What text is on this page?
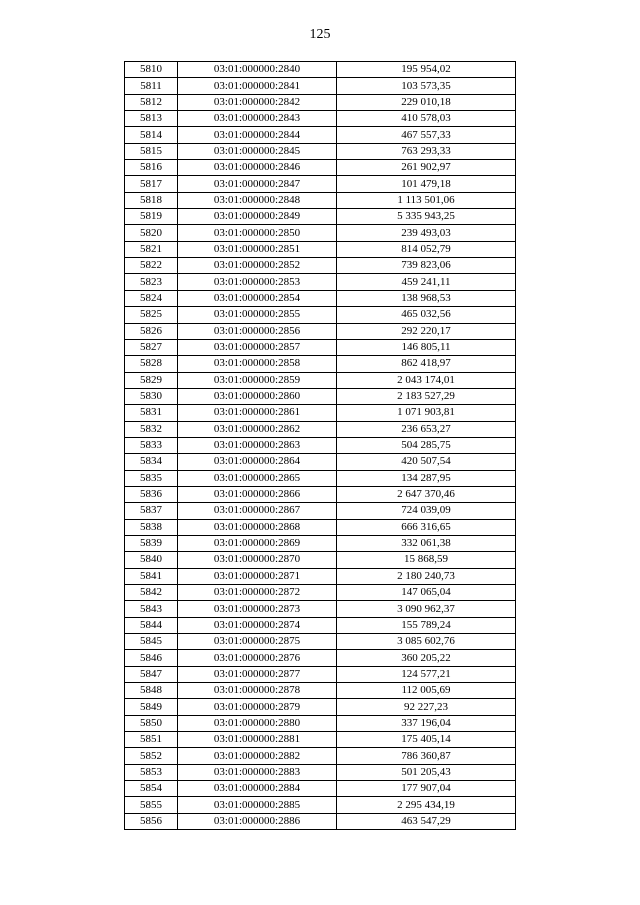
125
5810	03:01:000000:2840	195 954,02
5811	03:01:000000:2841	103 573,35
5812	03:01:000000:2842	229 010,18
5813	03:01:000000:2843	410 578,03
5814	03:01:000000:2844	467 557,33
5815	03:01:000000:2845	763 293,33
5816	03:01:000000:2846	261 902,97
5817	03:01:000000:2847	101 479,18
5818	03:01:000000:2848	1 113 501,06
5819	03:01:000000:2849	5 335 943,25
5820	03:01:000000:2850	239 493,03
5821	03:01:000000:2851	814 052,79
5822	03:01:000000:2852	739 823,06
5823	03:01:000000:2853	459 241,11
5824	03:01:000000:2854	138 968,53
5825	03:01:000000:2855	465 032,56
5826	03:01:000000:2856	292 220,17
5827	03:01:000000:2857	146 805,11
5828	03:01:000000:2858	862 418,97
5829	03:01:000000:2859	2 043 174,01
5830	03:01:000000:2860	2 183 527,29
5831	03:01:000000:2861	1 071 903,81
5832	03:01:000000:2862	236 653,27
5833	03:01:000000:2863	504 285,75
5834	03:01:000000:2864	420 507,54
5835	03:01:000000:2865	134 287,95
5836	03:01:000000:2866	2 647 370,46
5837	03:01:000000:2867	724 039,09
5838	03:01:000000:2868	666 316,65
5839	03:01:000000:2869	332 061,38
5840	03:01:000000:2870	15 868,59
5841	03:01:000000:2871	2 180 240,73
5842	03:01:000000:2872	147 065,04
5843	03:01:000000:2873	3 090 962,37
5844	03:01:000000:2874	155 789,24
5845	03:01:000000:2875	3 085 602,76
5846	03:01:000000:2876	360 205,22
5847	03:01:000000:2877	124 577,21
5848	03:01:000000:2878	112 005,69
5849	03:01:000000:2879	92 227,23
5850	03:01:000000:2880	337 196,04
5851	03:01:000000:2881	175 405,14
5852	03:01:000000:2882	786 360,87
5853	03:01:000000:2883	501 205,43
5854	03:01:000000:2884	177 907,04
5855	03:01:000000:2885	2 295 434,19
5856	03:01:000000:2886	463 547,29
